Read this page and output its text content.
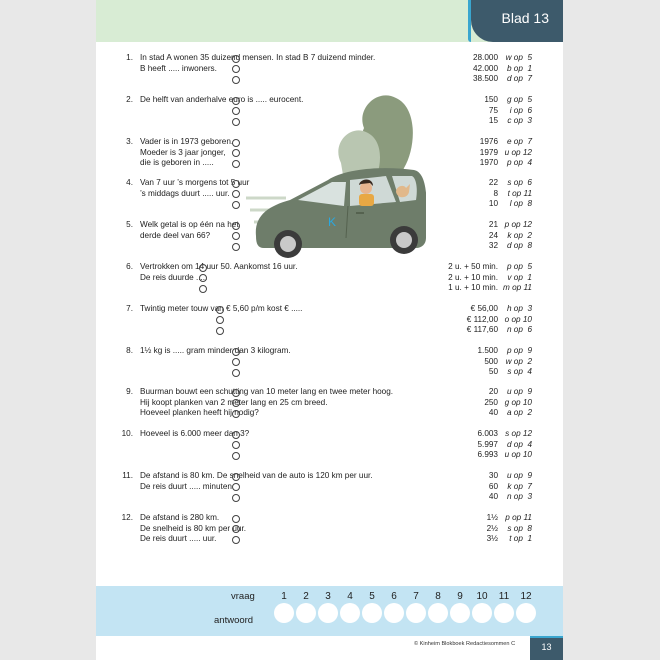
Blad 13
K
1. In stad A wonen 35 duizend mensen. In stad B 7 duizend minder.
B heeft ..... inwoners.
28.000 w op  5
42.000 b op  1
38.500 d op  7
2. De helft van anderhalve euro is ..... eurocent.	150 g op  5
75 i op  6
15 c op  3
3. Vader is in 1973 geboren.
Moeder is 3 jaar jonger,
die is geboren in .....
1976 e op  7
1979 u op 12
1970 p op  4
4. Van 7 uur ’s morgens tot 5 uur
’s middags duurt ..... uur.
22 s op  6
8 t op 11
10 l op  8
5. Welk getal is op één na het
derde deel van 66?
21 p op 12
24 k op  2
32 d op  8
6. Vertrokken om 14 uur 50. Aankomst 16 uur.
De reis duurde .....
2 u. + 50 min. p op  5
2 u. + 10 min. v op  1
1 u. + 10 min. m op 11
7. Twintig meter touw van € 5,60 p/m kost € .....	€ 56,00 h op  3
€ 112,00 o op 10
€ 117,60 n op  6
8. 1½ kg is ..... gram minder dan 3 kilogram.	1.500 p op  9
500 w op  2
50 s op  4
9. Buurman bouwt een schutting van 10 meter lang en twee meter hoog.
Hij koopt planken van 2 meter lang en 25 cm breed.
Hoeveel planken heeft hij nodig?
20 u op  9
250 g op 10
40 a op  2
10. Hoeveel is 6.000 meer dan 3?	6.003 s op 12
5.997 d op  4
6.993 u op 10
11. De afstand is 80 km. De snelheid van de auto is 120 km per uur.
De reis duurt ..... minuten.
30 u op  9
60 k op  7
40 n op  3
12. De afstand is 280 km.
De snelheid is 80 km per uur.
De reis duurt ..... uur.
1½ p op 11
2½ s op  8
3½ t op  1
vraag
antwoord
1	2	3	4	5	6	7	8	9	10	11	12
© Kinheim Blokboek Redactiesommen C	13
